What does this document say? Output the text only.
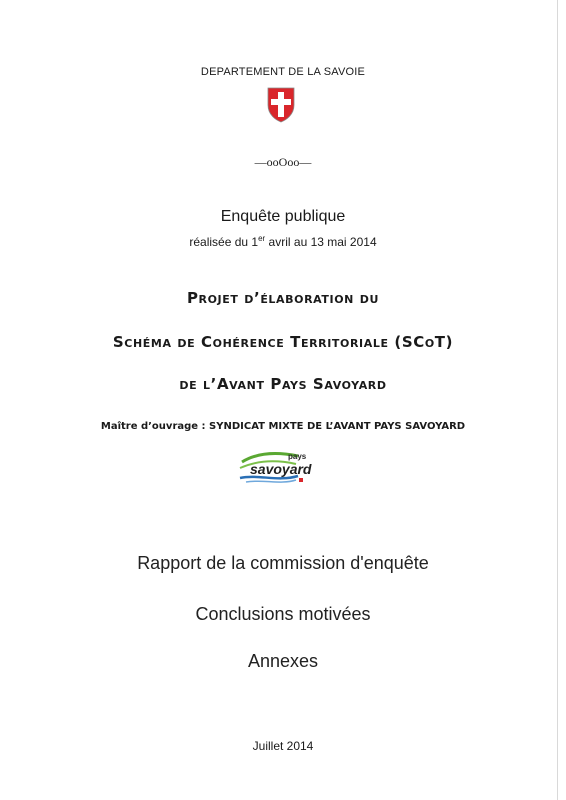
DEPARTEMENT DE LA SAVOIE
—ooOoo—
Enquête publique
réalisée du 1er avril au 13 mai 2014
Projet d’élaboration du
Schéma de Cohérence Territoriale (SCoT)
de l’Avant Pays Savoyard
Maître d’ouvrage : SYNDICAT MIXTE DE L’AVANT PAYS SAVOYARD
pays
savoyard
Rapport de la commission d'enquête
Conclusions motivées
Annexes
Juillet 2014
